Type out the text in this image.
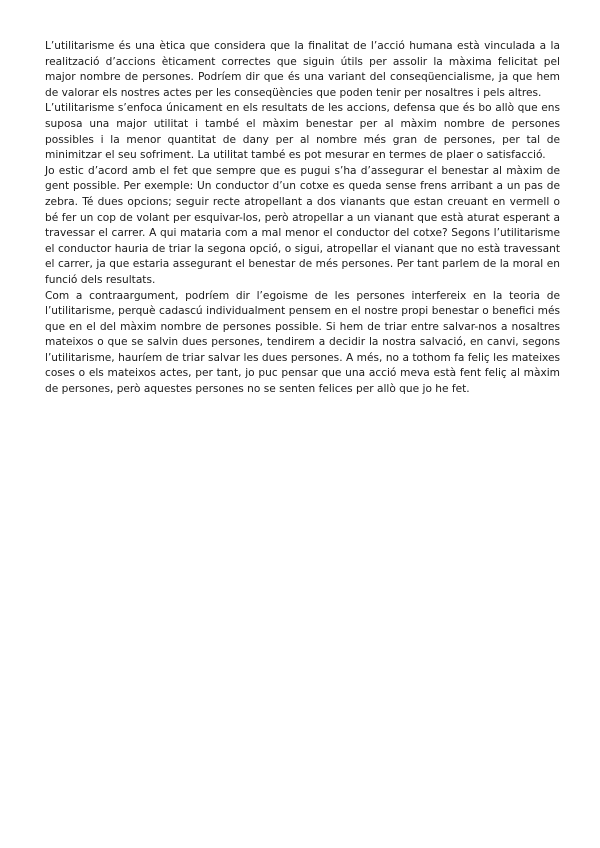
L’utilitarisme és una ètica que considera que la finalitat de l’acció humana està vinculada a la realització d’accions èticament correctes que siguin útils per assolir la màxima felicitat pel major nombre de persones. Podríem dir que és una variant del conseqüencialisme, ja que hem de valorar els nostres actes per les conseqüències que poden tenir per nosaltres i pels altres.

L’utilitarisme s’enfoca únicament en els resultats de les accions, defensa que és bo allò que ens suposa una major utilitat i també el màxim benestar per al màxim nombre de persones possibles i la menor quantitat de dany per al nombre més gran de persones, per tal de minimitzar el seu sofriment. La utilitat també es pot mesurar en termes de plaer o satisfacció.

Jo estic d’acord amb el fet que sempre que es pugui s’ha d’assegurar el benestar al màxim de gent possible. Per exemple: Un conductor d’un cotxe es queda sense frens arribant a un pas de zebra. Té dues opcions; seguir recte atropellant a dos vianants que estan creuant en vermell o bé fer un cop de volant per esquivar-los, però atropellar a un vianant que està aturat esperant a travessar el carrer. A qui mataria com a mal menor el conductor del cotxe? Segons l’utilitarisme el conductor hauria de triar la segona opció, o sigui, atropellar el vianant que no està travessant el carrer, ja que estaria assegurant el benestar de més persones. Per tant parlem de la moral en funció dels resultats.

Com a contraargument, podríem dir l’egoisme de les persones interfereix en la teoria de l’utilitarisme, perquè cadascú individualment pensem en el nostre propi benestar o benefici més que en el del màxim nombre de persones possible. Si hem de triar entre salvar-nos a nosaltres mateixos o que se salvin dues persones, tendirem a decidir la nostra salvació, en canvi, segons l’utilitarisme, hauríem de triar salvar les dues persones. A més, no a tothom fa feliç les mateixes coses o els mateixos actes, per tant, jo puc pensar que una acció meva està fent feliç al màxim de persones, però aquestes persones no se senten felices per allò que jo he fet.
